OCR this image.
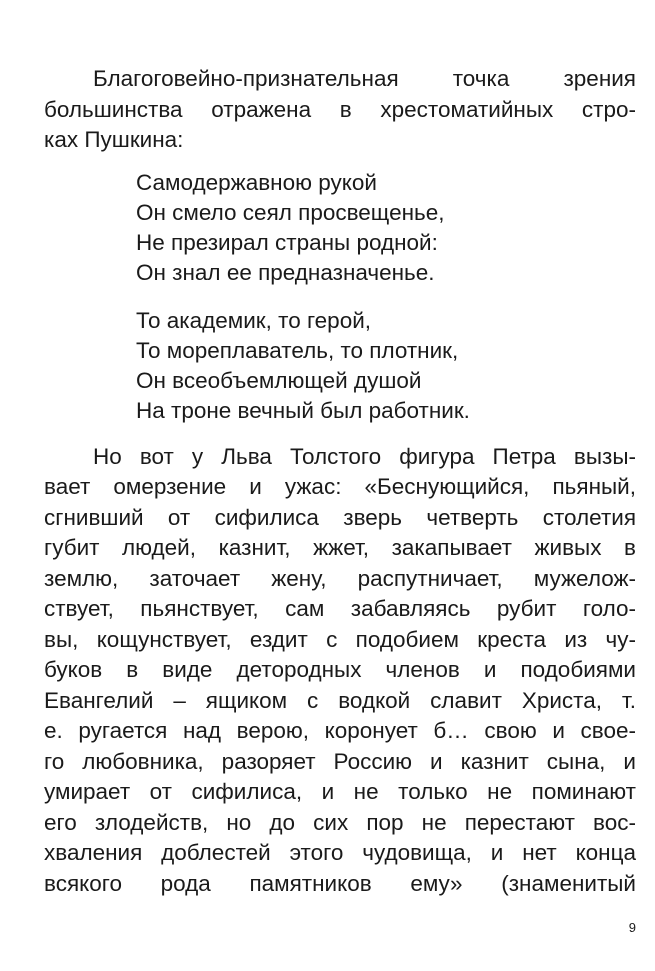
Благоговейно-признательная точка зрения
большинства отражена в хрестоматийных стро-
ках Пушкина:

Самодержавною рукой
Он смело сеял просвещенье,
Не презирал страны родной:
Он знал ее предназначенье.

То академик, то герой,
То мореплаватель, то плотник,
Он всеобъемлющей душой
На троне вечный был работник.

Но вот у Льва Толстого фигура Петра вызы-
вает омерзение и ужас: «Беснующийся, пьяный,
сгнивший от сифилиса зверь четверть столетия
губит людей, казнит, жжет, закапывает живых в
землю, заточает жену, распутничает, мужелож-
ствует, пьянствует, сам забавляясь рубит голо-
вы, кощунствует, ездит с подобием креста из чу-
буков в виде детородных членов и подобиями
Евангелий – ящиком с водкой славит Христа, т.
е. ругается над верою, коронует б… свою и свое-
го любовника, разоряет Россию и казнит сына, и
умирает от сифилиса, и не только не поминают
его злодейств, но до сих пор не перестают вос-
хваления доблестей этого чудовища, и нет конца
всякого рода памятников ему» (знаменитый

9
